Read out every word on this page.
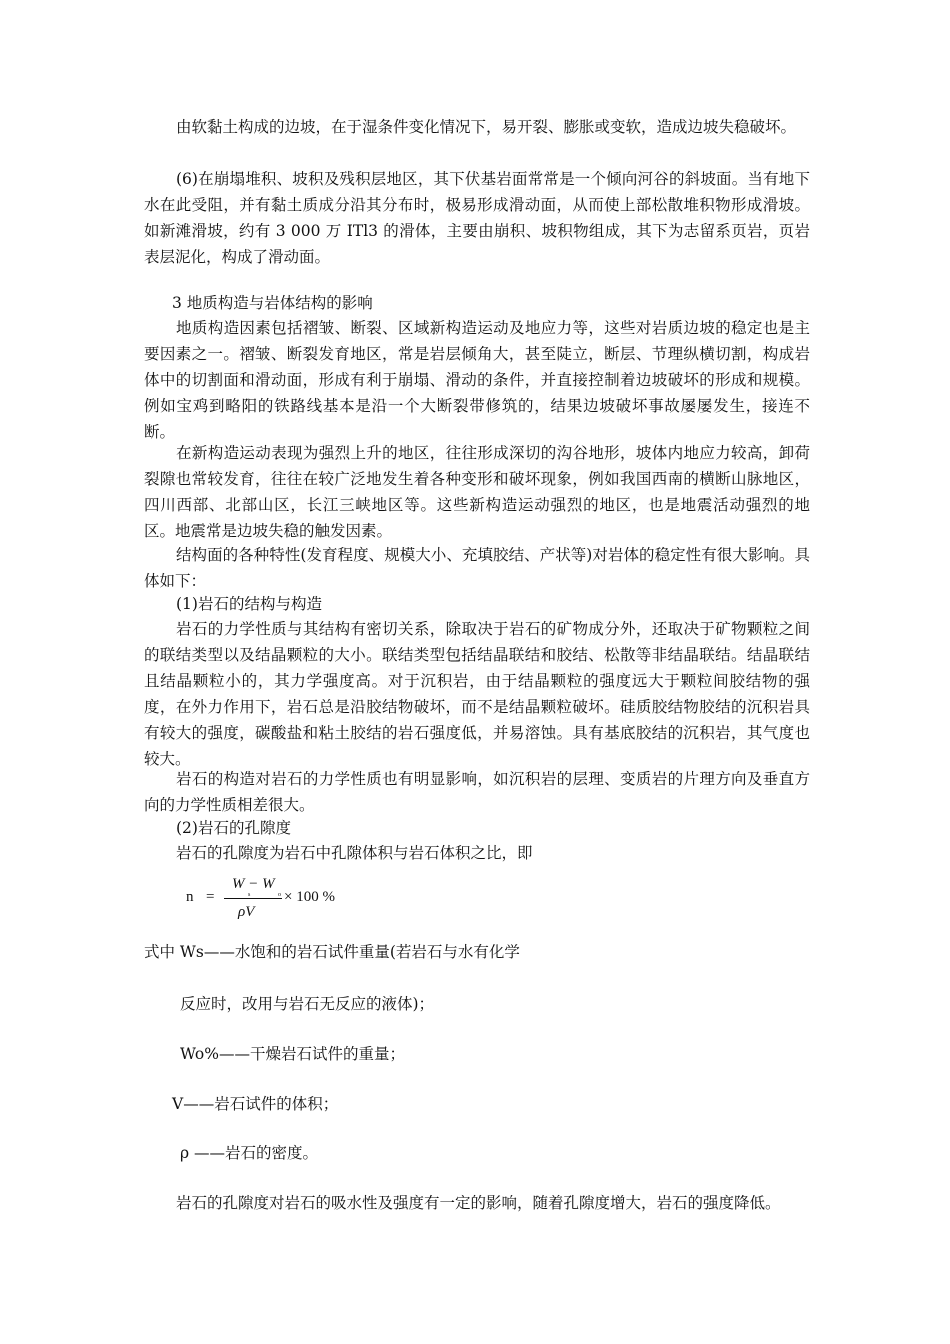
由软黏土构成的边坡，在于湿条件变化情况下，易开裂、膨胀或变软，造成边坡失稳破坏。

(6)在崩塌堆积、坡积及残积层地区，其下伏基岩面常常是一个倾向河谷的斜坡面。当有地下水在此受阻，并有黏土质成分沿其分布时，极易形成滑动面，从而使上部松散堆积物形成滑坡。如新滩滑坡，约有 3 000 万 ITl3 的滑体，主要由崩积、坡积物组成，其下为志留系页岩，页岩表层泥化，构成了滑动面。

3 地质构造与岩体结构的影响

地质构造因素包括褶皱、断裂、区域新构造运动及地应力等，这些对岩质边坡的稳定也是主要因素之一。褶皱、断裂发育地区，常是岩层倾角大，甚至陡立，断层、节理纵横切割，构成岩体中的切割面和滑动面，形成有利于崩塌、滑动的条件，并直接控制着边坡破坏的形成和规模。例如宝鸡到略阳的铁路线基本是沿一个大断裂带修筑的，结果边坡破坏事故屡屡发生，接连不断。

在新构造运动表现为强烈上升的地区，往往形成深切的沟谷地形，坡体内地应力较高，卸荷裂隙也常较发育，往往在较广泛地发生着各种变形和破坏现象，例如我国西南的横断山脉地区，四川西部、北部山区，长江三峡地区等。这些新构造运动强烈的地区，也是地震活动强烈的地区。地震常是边坡失稳的触发因素。

结构面的各种特性(发育程度、规模大小、充填胶结、产状等)对岩体的稳定性有很大影响。具体如下：

(1)岩石的结构与构造

岩石的力学性质与其结构有密切关系，除取决于岩石的矿物成分外，还取决于矿物颗粒之间的联结类型以及结晶颗粒的大小。联结类型包括结晶联结和胶结、松散等非结晶联结。结晶联结且结晶颗粒小的，其力学强度高。对于沉积岩，由于结晶颗粒的强度远大于颗粒间胶结物的强度，在外力作用下，岩石总是沿胶结物破坏，而不是结晶颗粒破坏。硅质胶结物胶结的沉积岩具有较大的强度，碳酸盐和粘土胶结的岩石强度低，并易溶蚀。具有基底胶结的沉积岩，其气度也较大。

岩石的构造对岩石的力学性质也有明显影响，如沉积岩的层理、变质岩的片理方向及垂直方向的力学性质相差很大。

(2)岩石的孔隙度

岩石的孔隙度为岩石中孔隙体积与岩石体积之比，即

n =
W − W
s	o
ρV
× 100 %

式中 Ws——水饱和的岩石试件重量(若岩石与水有化学

反应时，改用与岩石无反应的液体)；

Wo%——干燥岩石试件的重量；

V——岩石试件的体积；

ρ ——岩石的密度。

岩石的孔隙度对岩石的吸水性及强度有一定的影响，随着孔隙度增大，岩石的强度降低。
